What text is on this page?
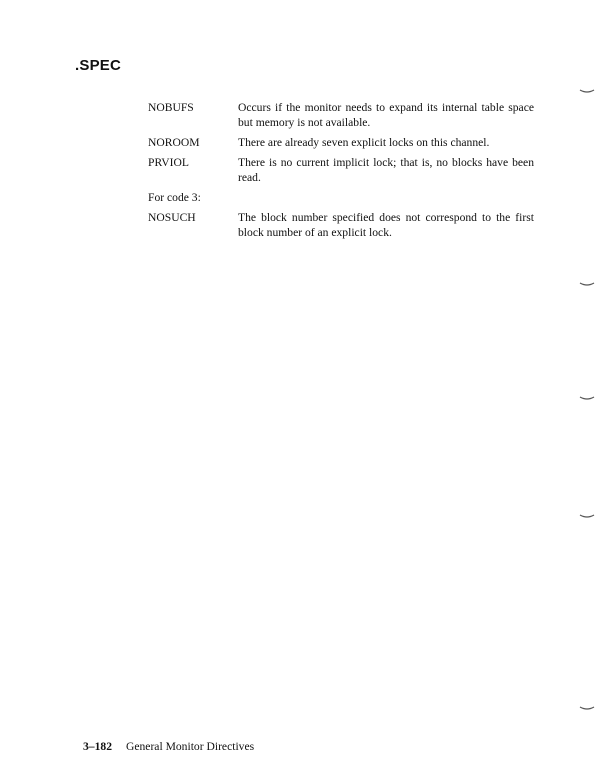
.SPEC
NOBUFS	Occurs if the monitor needs to expand its internal table space but memory is not available.
NOROOM	There are already seven explicit locks on this channel.
PRVIOL	There is no current implicit lock; that is, no blocks have been read.
For code 3:
NOSUCH	The block number specified does not correspond to the first block number of an explicit lock.
3–182 General Monitor Directives
